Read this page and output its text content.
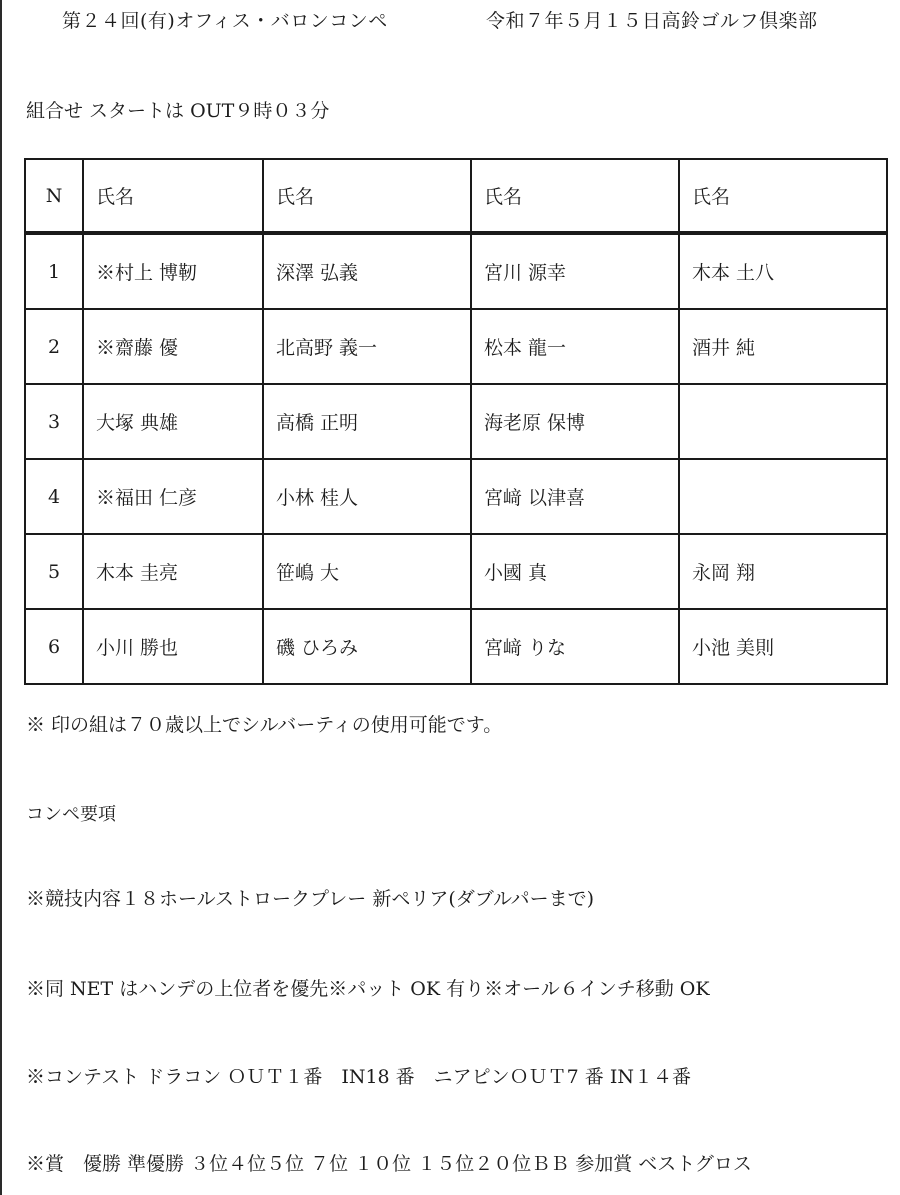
第２４回(有)オフィス・バロンコンペ	令和７年５月１５日高鈴ゴルフ倶楽部
組合せ スタートは OUT９時０３分
N	氏名	氏名	氏名	氏名
1	※村上 博靭	深澤 弘義	宮川 源幸	木本 土八
2	※齋藤 優	北高野 義一	松本 龍一	酒井 純
3	大塚 典雄	高橋 正明	海老原 保博	
4	※福田 仁彦	小林 桂人	宮﨑 以津喜	
5	木本 圭亮	笹嶋 大	小國 真	永岡 翔
6	小川 勝也	磯 ひろみ	宮﨑 りな	小池 美則
※ 印の組は７０歳以上でシルバーティの使用可能です。
コンペ要項
※競技内容１８ホールストロークプレー 新ペリア(ダブルパーまで)
※同 NET はハンデの上位者を優先※パット OK 有り※オール６インチ移動 OK
※コンテスト ドラコン ＯＵＴ１番　IN18 番　ニアピンＯＵＴ7 番 IN１４番
※賞　優勝 準優勝 ３位４位５位 ７位 １０位 １５位２０位ＢＢ 参加賞 ベストグロス
